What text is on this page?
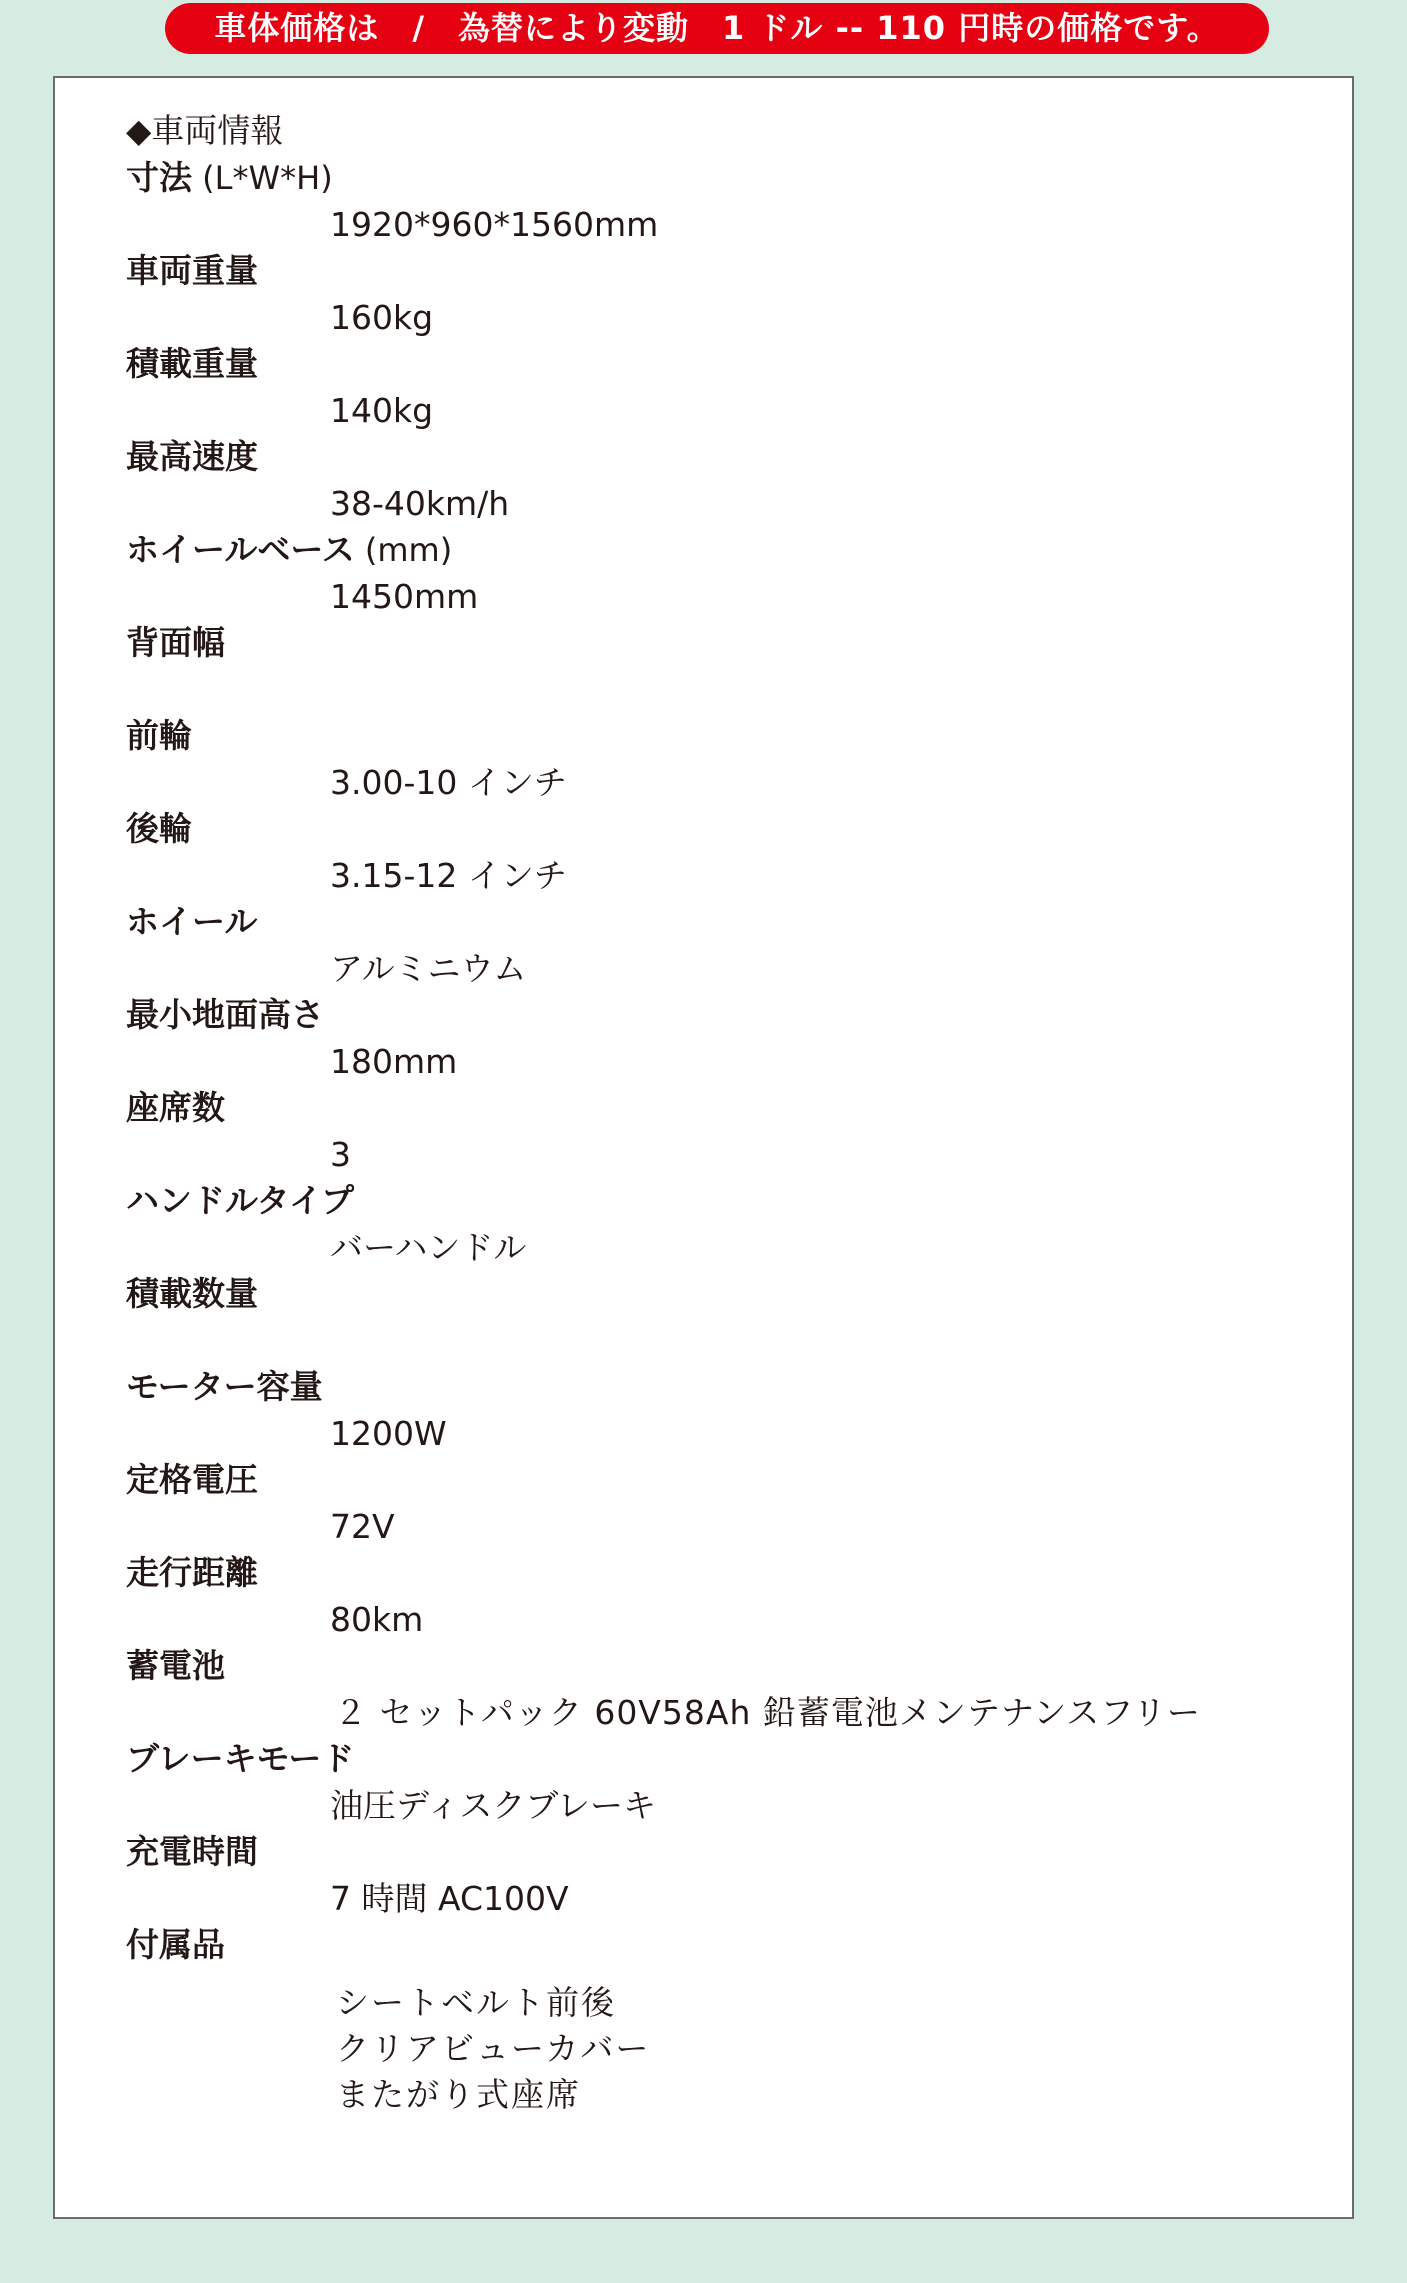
車体価格は　/　為替により変動　1 ドル -- 110 円時の価格です。
◆車両情報
寸法 (L*W*H)
1920*960*1560mm
車両重量
160kg
積載重量
140kg
最高速度
38-40km/h
ホイールベース (mm)
1450mm
背面幅
前輪
3.00-10 インチ
後輪
3.15-12 インチ
ホイール
アルミニウム
最小地面高さ
180mm
座席数
3
ハンドルタイプ
バーハンドル
積載数量
モーター容量
1200W
定格電圧
72V
走行距離
80km
蓄電池
２ セットパック 60V58Ah 鉛蓄電池メンテナンスフリー
ブレーキモード
油圧ディスクブレーキ
充電時間
7 時間 AC100V
付属品
シートベルト前後
クリアビューカバー
またがり式座席
